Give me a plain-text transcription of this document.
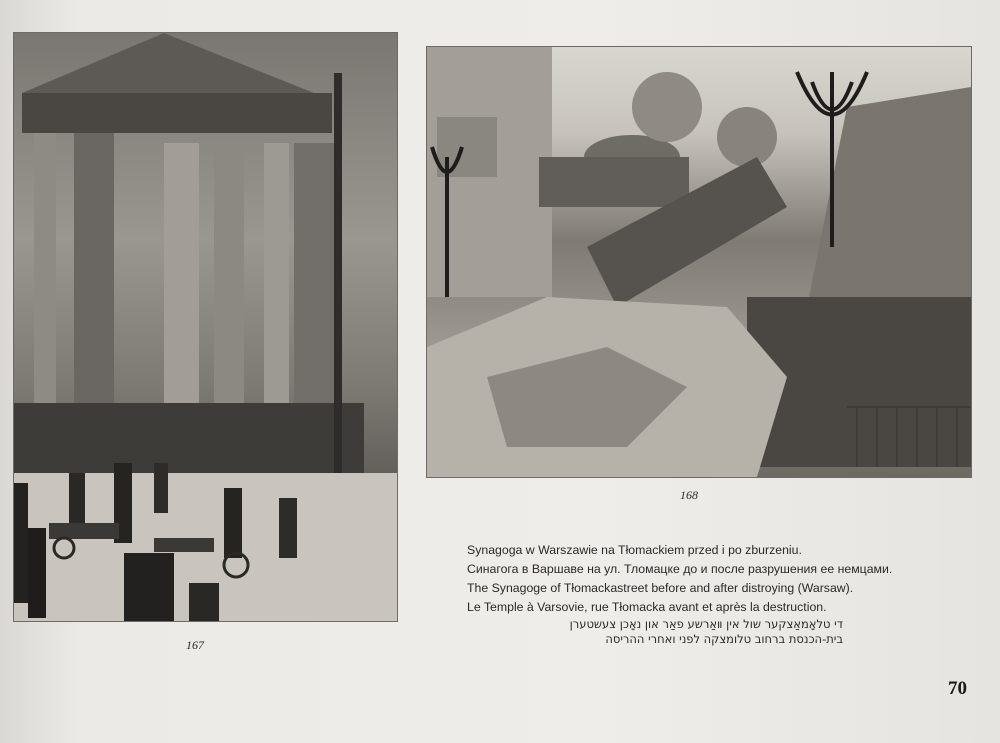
167
168
Synagoga w Warszawie na Tłomackiem przed i po zburzeniu.
Синагога в Варшаве на ул. Тломацке до и после разрушения ее немцами.
The Synagoge of Tłomackastreet before and after distroying (Warsaw).
Le Temple à Varsovie, rue Tłomacka avant et après la destruction.
די טלאָמאַצקער שול אין װאַרשע פאַר און נאָכן צעשטערן
בית-הכנסת ברחוב טלומצקה לפני ואחרי ההריסה
70
